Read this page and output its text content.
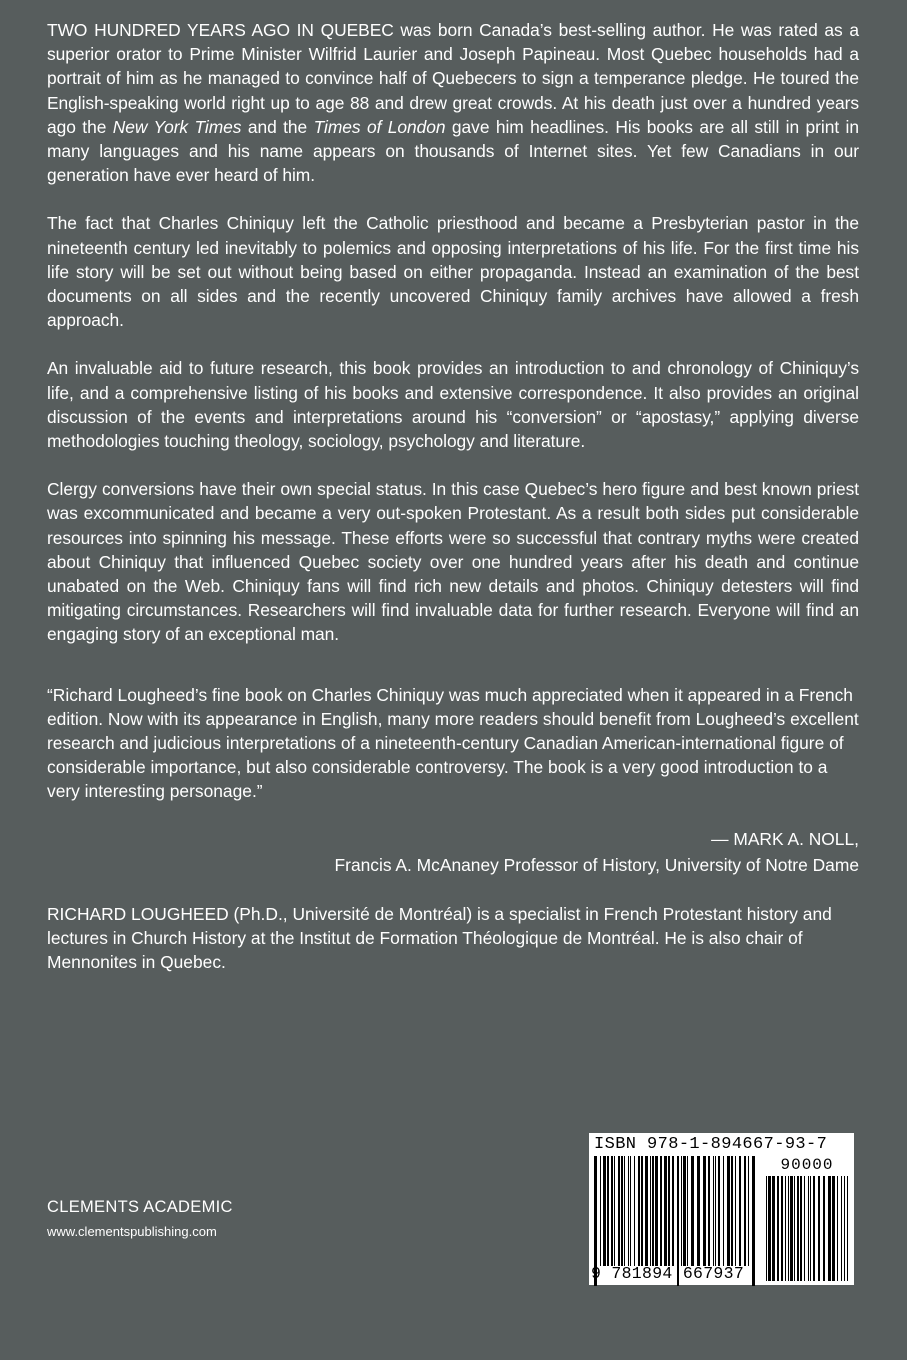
TWO HUNDRED YEARS AGO IN QUEBEC was born Canada’s best-selling author. He was rated as a superior orator to Prime Minister Wilfrid Laurier and Joseph Papineau. Most Quebec households had a portrait of him as he managed to convince half of Quebecers to sign a temperance pledge. He toured the English-speaking world right up to age 88 and drew great crowds. At his death just over a hundred years ago the New York Times and the Times of London gave him headlines. His books are all still in print in many languages and his name appears on thousands of Internet sites. Yet few Canadians in our generation have ever heard of him.

The fact that Charles Chiniquy left the Catholic priesthood and became a Presbyterian pastor in the nineteenth century led inevitably to polemics and opposing interpretations of his life. For the first time his life story will be set out without being based on either propaganda. Instead an examination of the best documents on all sides and the recently uncovered Chiniquy family archives have allowed a fresh approach.

An invaluable aid to future research, this book provides an introduction to and chronology of Chiniquy’s life, and a comprehensive listing of his books and extensive correspondence. It also provides an original discussion of the events and interpretations around his “conversion” or “apostasy,” applying diverse methodologies touching theology, sociology, psychology and literature.

Clergy conversions have their own special status. In this case Quebec’s hero figure and best known priest was excommunicated and became a very out-spoken Protestant. As a result both sides put considerable resources into spinning his message. These efforts were so successful that contrary myths were created about Chiniquy that influenced Quebec society over one hundred years after his death and continue unabated on the Web. Chiniquy fans will find rich new details and photos. Chiniquy detesters will find mitigating circumstances. Researchers will find invaluable data for further research. Everyone will find an engaging story of an exceptional man.

“Richard Lougheed’s fine book on Charles Chiniquy was much appreciated when it appeared in a French edition. Now with its appearance in English, many more readers should benefit from Lougheed’s excellent research and judicious interpretations of a nineteenth-century Canadian American-international figure of considerable importance, but also considerable controversy. The book is a very good introduction to a very interesting personage.”

— MARK A. NOLL,
Francis A. McAnaney Professor of History, University of Notre Dame

RICHARD LOUGHEED (Ph.D., Université de Montréal) is a specialist in French Protestant history and lectures in Church History at the Institut de Formation Théologique de Montréal. He is also chair of Mennonites in Quebec.

CLEMENTS ACADEMIC
www.clementspublishing.com
ISBN 978-1-894667-93-7
90000
9 781894 667937
